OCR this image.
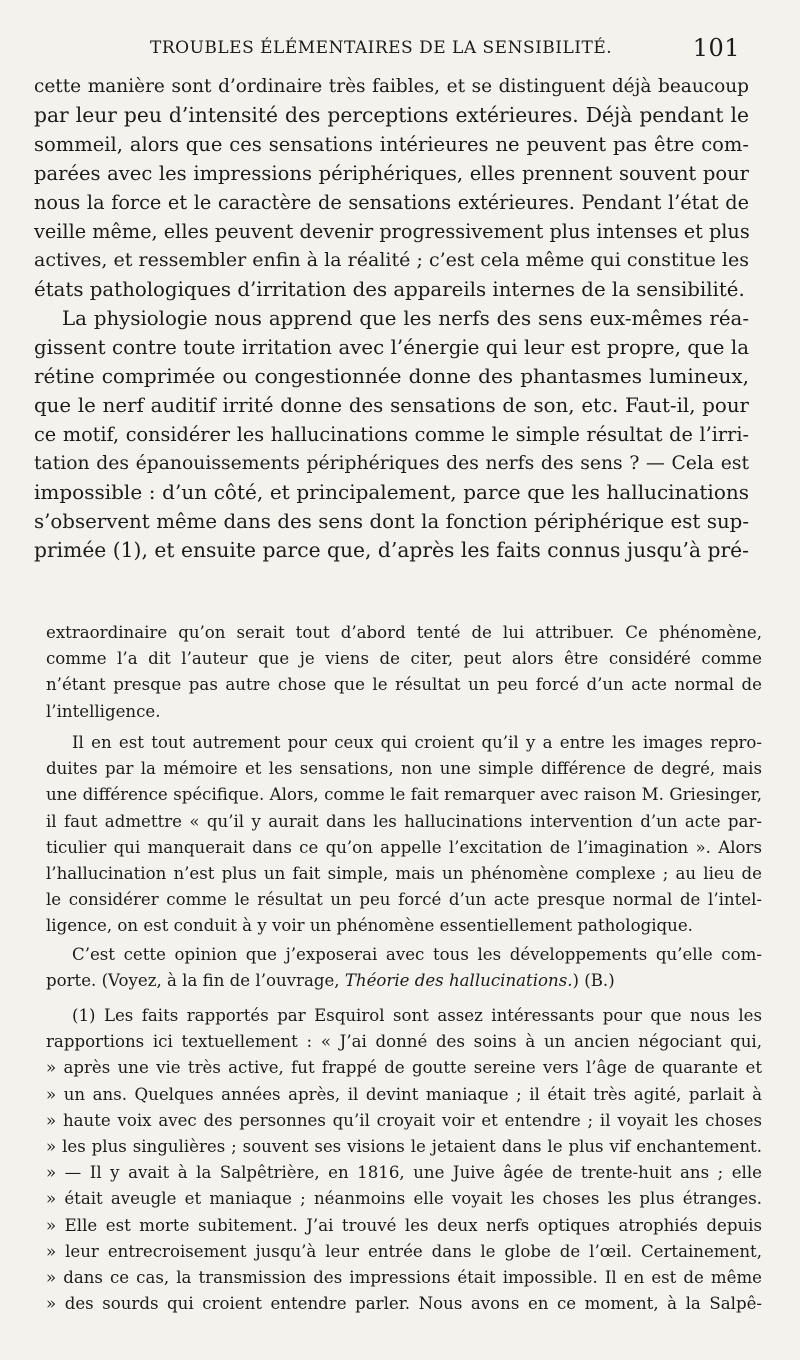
TROUBLES ÉLÉMENTAIRES DE LA SENSIBILITÉ.	101
cette manière sont d’ordinaire très faibles, et se distinguent déjà beaucoup
par leur peu d’intensité des perceptions extérieures. Déjà pendant le
sommeil, alors que ces sensations intérieures ne peuvent pas être com-
parées avec les impressions périphériques, elles prennent souvent pour
nous la force et le caractère de sensations extérieures. Pendant l’état de
veille même, elles peuvent devenir progressivement plus intenses et plus
actives, et ressembler enfin à la réalité ; c’est cela même qui constitue les
états pathologiques d’irritation des appareils internes de la sensibilité.
La physiologie nous apprend que les nerfs des sens eux-mêmes réa-
gissent contre toute irritation avec l’énergie qui leur est propre, que la
rétine comprimée ou congestionnée donne des phantasmes lumineux,
que le nerf auditif irrité donne des sensations de son, etc. Faut-il, pour
ce motif, considérer les hallucinations comme le simple résultat de l’irri-
tation des épanouissements périphériques des nerfs des sens ? — Cela est
impossible : d’un côté, et principalement, parce que les hallucinations
s’observent même dans des sens dont la fonction périphérique est sup-
primée (1), et ensuite parce que, d’après les faits connus jusqu’à pré-
extraordinaire qu’on serait tout d’abord tenté de lui attribuer. Ce phénomène,
comme l’a dit l’auteur que je viens de citer, peut alors être considéré comme
n’étant presque pas autre chose que le résultat un peu forcé d’un acte normal de
l’intelligence.
Il en est tout autrement pour ceux qui croient qu’il y a entre les images repro-
duites par la mémoire et les sensations, non une simple différence de degré, mais
une différence spécifique. Alors, comme le fait remarquer avec raison M. Griesinger,
il faut admettre « qu’il y aurait dans les hallucinations intervention d’un acte par-
ticulier qui manquerait dans ce qu’on appelle l’excitation de l’imagination ». Alors
l’hallucination n’est plus un fait simple, mais un phénomène complexe ; au lieu de
le considérer comme le résultat un peu forcé d’un acte presque normal de l’intel-
ligence, on est conduit à y voir un phénomène essentiellement pathologique.
C’est cette opinion que j’exposerai avec tous les développements qu’elle com-
porte. (Voyez, à la fin de l’ouvrage, Théorie des hallucinations.) (B.)
(1) Les faits rapportés par Esquirol sont assez intéressants pour que nous les
rapportions ici textuellement : « J’ai donné des soins à un ancien négociant qui,
» après une vie très active, fut frappé de goutte sereine vers l’âge de quarante et
» un ans. Quelques années après, il devint maniaque ; il était très agité, parlait à
» haute voix avec des personnes qu’il croyait voir et entendre ; il voyait les choses
» les plus singulières ; souvent ses visions le jetaient dans le plus vif enchantement.
» — Il y avait à la Salpêtrière, en 1816, une Juive âgée de trente-huit ans ; elle
» était aveugle et maniaque ; néanmoins elle voyait les choses les plus étranges.
» Elle est morte subitement. J’ai trouvé les deux nerfs optiques atrophiés depuis
» leur entrecroisement jusqu’à leur entrée dans le globe de l’œil. Certainement,
» dans ce cas, la transmission des impressions était impossible. Il en est de même
» des sourds qui croient entendre parler. Nous avons en ce moment, à la Salpê-
